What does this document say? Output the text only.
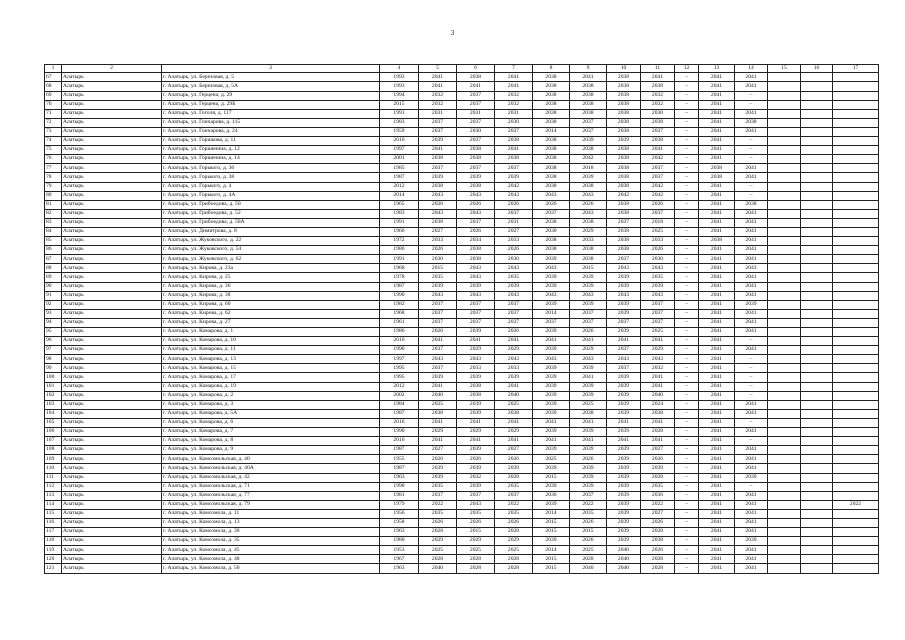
3
1	2	3	4	5	6	7	8	9	10	11	12	13	14	15	16	17
67	Алатырь	г. Алатырь, ул. Березовая, д. 5	1993	2041	2038	2041	2038	2041	2038	2041	–	2041	2041			
68	Алатырь	г. Алатырь, ул. Березовая, д. 5А	1993	2041	2041	2041	2038	2038	2038	2038	–	2041	2041			
69	Алатырь	г. Алатырь, ул. Герцена, д. 29	1994	2032	2037	2032	2038	2038	2038	2032	–	2041	–			
70	Алатырь	г. Алатырь, ул. Герцена, д. 29Б	2015	2032	2037	2032	2038	2038	2038	2032	–	2041	–			
71	Алатырь	г. Алатырь, ул. Гоголя, д. 117	1991	2031	2031	2031	2038	2038	2038	2030	–	2041	2041			
72	Алатырь	г. Алатырь, ул. Гончарова, д. 115	1983	2037	2037	2030	2038	2037	2038	2038	–	2041	2038			
73	Алатырь	г. Алатырь, ул. Гончарова, д. 24	1959	2037	2030	2037	2014	2037	2038	2037	–	2041	2041			
74	Алатырь	г. Алатырь, ул. Горшкова, д. 11	2016	2039	2037	2038	2038	2039	2039	2038	–	2041	–			
75	Алатырь	г. Алатырь, ул. Горшенина, д. 12	1997	2041	2038	2041	2038	2038	2038	2041	–	2041	–			
76	Алатырь	г. Алатырь, ул. Горшенина, д. 14	2001	2038	2038	2038	2038	2042	2038	2042	–	2041	–			
77	Алатырь	г. Алатырь, ул. Горького, д. 36	1985	2037	2037	2037	2038	2018	2038	2037	–	2038	2041			
78	Алатырь	г. Алатырь, ул. Горького, д. 38	1987	2039	2039	2039	2038	2039	2038	2037	–	2038	2041			
79	Алатырь	г. Алатырь, ул. Горького, д. 4	2012	2038	2038	2042	2038	2038	2038	2042	–	2041	–			
80	Алатырь	г. Алатырь, ул. Горького, д. 4А	2014	2043	2043	2043	2043	2043	2042	2042	–	2041	–			
81	Алатырь	г. Алатырь, ул. Грибоедова, д. 50	1965	2026	2026	2026	2026	2026	2038	2026	–	2041	2038			
82	Алатырь	г. Алатырь, ул. Грибоедова, д. 52	1983	2043	2043	2037	2037	2043	2038	2037	–	2041	2041			
83	Алатырь	г. Алатырь, ул. Грибоедова, д. 58А	1991	2038	2037	2031	2038	2038	2037	2018	–	2041	2041			
84	Алатырь	г. Алатырь, ул. Димитрова, д. 8	1966	2027	2026	2027	2030	2029	2038	2025	–	2041	2041			
85	Алатырь	г. Алатырь, ул. Жуковского, д. 22	1972	2033	2034	2033	2038	2033	2038	2033	–	2038	2041			
86	Алатырь	г. Алатырь, ул. Жуковского, д. 54	1986	2026	2038	2026	2038	2038	2038	2026	–	2041	2041			
87	Алатырь	г. Алатырь, ул. Жуковского, д. 62	1991	2030	2038	2030	2039	2038	2037	2030	–	2041	2041			
88	Алатырь	г. Алатырь, ул. Кирова, д. 23а	1968	2015	2043	2043	2043	2015	2043	2043	–	2041	2043			
89	Алатырь	г. Алатырь, ул. Кирова, д. 25	1978	2035	2043	2035	2039	2039	2039	2035	–	2041	2041			
90	Алатырь	г. Алатырь, ул. Кирова, д. 36	1987	2039	2039	2039	2039	2039	2039	2039	–	2041	2041			
91	Алатырь	г. Алатырь, ул. Кирова, д. 38	1990	2043	2043	2043	2043	2043	2043	2043	–	2041	2041			
92	Алатырь	г. Алатырь, ул. Кирова, д. 60	1982	2037	2037	2037	2039	2039	2039	2037	–	2041	2039			
93	Алатырь	г. Алатырь, ул. Кирова, д. 62	1968	2037	2037	2037	2014	2037	2039	2037	–	2041	2041			
94	Алатырь	г. Алатырь, ул. Кирова, д. 27	1961	2037	2037	2037	2037	2037	2037	2037	–	2041	2041			
95	Алатырь	г. Алатырь, ул. Комарова, д. 1	1986	2026	2039	2026	2039	2026	2039	2025	–	2041	2041			
96	Алатырь	г. Алатырь, ул. Комарова, д. 10	2016	2041	2041	2041	2041	2041	2041	2041	–	2041	–			
97	Алатырь	г. Алатырь, ул. Комарова, д. 11	1990	2037	2029	2029	2039	2029	2037	2029	–	2041	2041			
98	Алатырь	г. Алатырь, ул. Комарова, д. 13	1997	2043	2043	2043	2043	2043	2043	2043	–	2041	–			
99	Алатырь	г. Алатырь, ул. Комарова, д. 15	1995	2037	2033	2033	2039	2039	2037	2032	–	2041	–			
100	Алатырь	г. Алатырь, ул. Комарова, д. 17	1995	2039	2039	2039	2039	2041	2039	2041	–	2041	–			
101	Алатырь	г. Алатырь, ул. Комарова, д. 19	2012	2041	2038	2041	2039	2039	2039	2041	–	2041	–			
102	Алатырь	г. Алатырь, ул. Комарова, д. 2	2002	2040	2038	2040	2039	2039	2039	2040	–	2041	–			
103	Алатырь	г. Алатырь, ул. Комарова, д. 3	1984	2025	2039	2025	2039	2025	2039	2024	–	2041	2041			
104	Алатырь	г. Алатырь, ул. Комарова, д. 5А	1987	2038	2039	2038	2039	2038	2039	2038	–	2041	2041			
105	Алатырь	г. Алатырь, ул. Комарова, д. 6	2016	2041	2041	2041	2041	2041	2041	2041	–	2041	–			
106	Алатырь	г. Алатырь, ул. Комарова, д. 7	1990	2029	2029	2029	2039	2039	2039	2028	–	2041	2041			
107	Алатырь	г. Алатырь, ул. Комарова, д. 8	2016	2041	2041	2041	2041	2041	2041	2041	–	2041	–			
108	Алатырь	г. Алатырь, ул. Комарова, д. 9	1987	2027	2039	2027	2039	2039	2039	2027	–	2041	2041			
109	Алатырь	г. Алатырь, ул. Комсомольская, д. 40	1955	2026	2026	2026	2025	2026	2039	2026	–	2041	2041			
110	Алатырь	г. Алатырь, ул. Комсомольская, д. 40А	1987	2039	2039	2039	2039	2039	2039	2039	–	2041	2041			
111	Алатырь	г. Алатырь, ул. Комсомольская, д. 42	1963	2039	2032	2028	2015	2039	2039	2028	–	2041	2039			
112	Алатырь	г. Алатырь, ул. Комсомольская, д. 71	1998	2035	2039	2035	2039	2039	2039	2035	–	2041	–			
113	Алатырь	г. Алатырь, ул. Комсомольская, д. 77	1981	2037	2037	2037	2036	2037	2039	2036	–	2041	2041			
114	Алатырь	г. Алатырь, ул. Комсомольская, д. 79	1979	2022	2043	2022	2039	2022	2039	2022	–	2041	2041			2022
115	Алатырь	г. Алатырь, ул. Комсомола, д. 11	1956	2035	2035	2035	2014	2035	2039	2027	–	2041	2041			
116	Алатырь	г. Алатырь, ул. Комсомола, д. 13	1958	2026	2026	2026	2015	2026	2039	2026	–	2041	2041			
117	Алатырь	г. Алатырь, ул. Комсомола, д. 30	1963	2028	2015	2028	2015	2015	2039	2028	–	2041	2041			
118	Алатырь	г. Алатырь, ул. Комсомола, д. 35	1980	2029	2029	2029	2039	2026	2039	2038	–	2041	2039			
119	Алатырь	г. Алатырь, ул. Комсомола, д. 45	1953	2025	2025	2025	2014	2025	2040	2026	–	2041	2041			
120	Алатырь	г. Алатырь, ул. Комсомола, д. 48	1967	2028	2028	2028	2015	2028	2040	2028	–	2041	2041			
121	Алатырь	г. Алатырь, ул. Комсомола, д. 50	1963	2040	2028	2028	2015	2040	2040	2028	–	2041	2041			
